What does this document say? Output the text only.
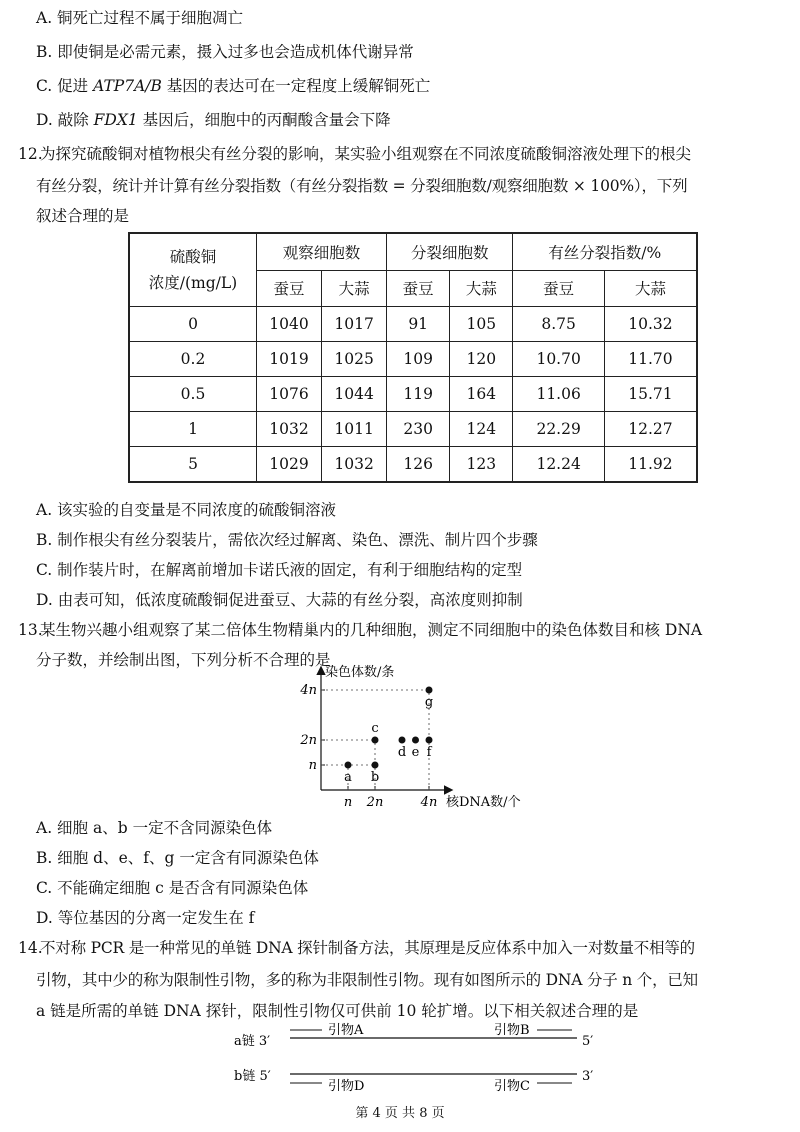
A. 铜死亡过程不属于细胞凋亡
B. 即使铜是必需元素，摄入过多也会造成机体代谢异常
C. 促进 ATP7A/B 基因的表达可在一定程度上缓解铜死亡
D. 敲除 FDX1 基因后，细胞中的丙酮酸含量会下降
12.
为探究硫酸铜对植物根尖有丝分裂的影响，某实验小组观察在不同浓度硫酸铜溶液处理下的根尖
有丝分裂，统计并计算有丝分裂指数（有丝分裂指数 = 分裂细胞数/观察细胞数 × 100%），下列
硫酸铜
浓度/(mg/L)	观察细胞数		分裂细胞数		有丝分裂指数/%	
	蚕豆	大蒜	蚕豆	大蒜	蚕豆	大蒜
0	1040	1017	91	105	8.75	10.32
0.2	1019	1025	109	120	10.70	11.70
0.5	1076	1044	119	164	11.06	15.71
1	1032	1011	230	124	22.29	12.27
5	1029	1032	126	123	12.24	11.92
A. 该实验的自变量是不同浓度的硫酸铜溶液
B. 制作根尖有丝分裂装片，需依次经过解离、染色、漂洗、制片四个步骤
C. 制作装片时，在解离前增加卡诺氏液的固定，有利于细胞结构的定型
D. 由表可知，低浓度硫酸铜促进蚕豆、大蒜的有丝分裂，高浓度则抑制
13.
某生物兴趣小组观察了某二倍体生物精巢内的几种细胞，测定不同细胞中的染色体数目和核 DNA
分子数，并绘制出图，下列分析不合理的是
染色体数/条
核DNA数/个
n 2n	4n
n
2n
4n
a b
c
d e f
g
A. 细胞 a、b 一定不含同源染色体
B. 细胞 d、e、f、g 一定含有同源染色体
C. 不能确定细胞 c 是否含有同源染色体
D. 等位基因的分离一定发生在 f
14.
不对称 PCR 是一种常见的单链 DNA 探针制备方法，其原理是反应体系中加入一对数量不相等的
引物，其中少的称为限制性引物，多的称为非限制性引物。现有如图所示的 DNA 分子 n 个，已知
a 链是所需的单链 DNA 探针，限制性引物仅可供前 10 轮扩增。以下相关叙述合理的是
a链 3′	5′
引物A	引物B
b链 5′	3′
引物D	引物C
第 4 页 共 8 页
叙述合理的是
